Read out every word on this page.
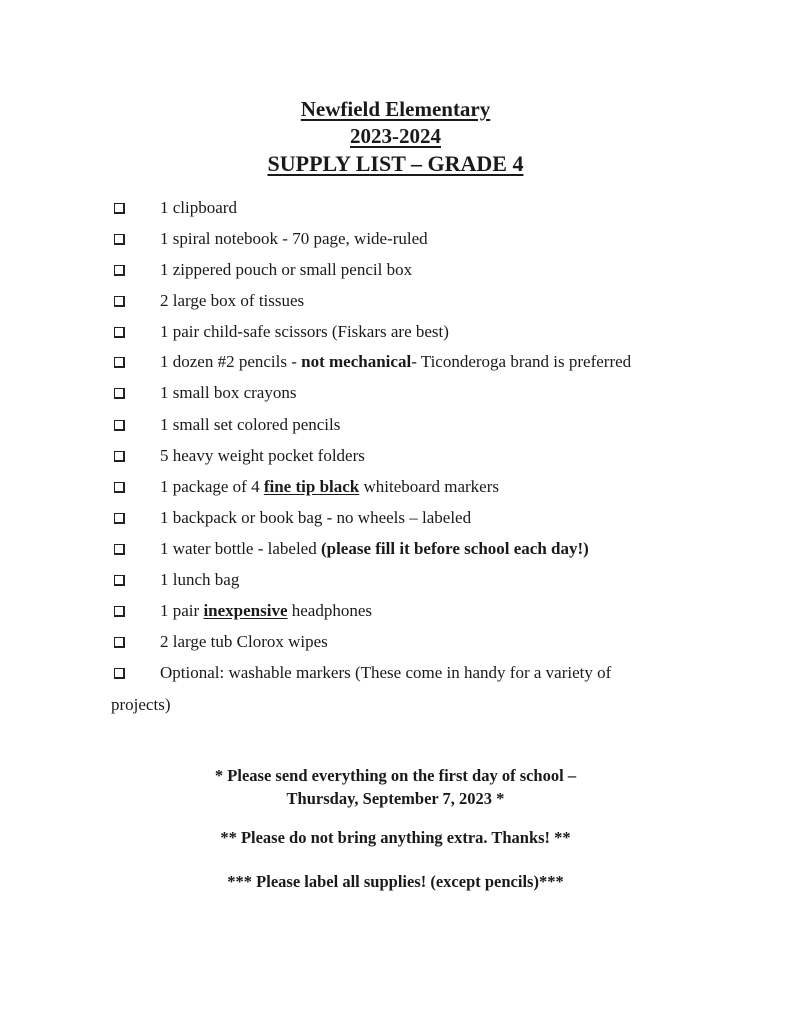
Newfield Elementary
2023-2024
SUPPLY LIST – GRADE 4
1 clipboard
1 spiral notebook - 70 page, wide-ruled
1 zippered pouch or small pencil box
2 large box of tissues
1 pair child-safe scissors (Fiskars are best)
1 dozen #2 pencils - not mechanical- Ticonderoga brand is preferred
1 small box crayons
1 small set colored pencils
5 heavy weight pocket folders
1 package of 4 fine tip black whiteboard markers
1 backpack or book bag - no wheels – labeled
1 water bottle - labeled (please fill it before school each day!)
1 lunch bag
1 pair inexpensive headphones
2 large tub Clorox wipes
Optional: washable markers (These come in handy for a variety of
projects)
* Please send everything on the first day of school –
Thursday, September 7, 2023 *
** Please do not bring anything extra. Thanks! **
*** Please label all supplies! (except pencils)***
